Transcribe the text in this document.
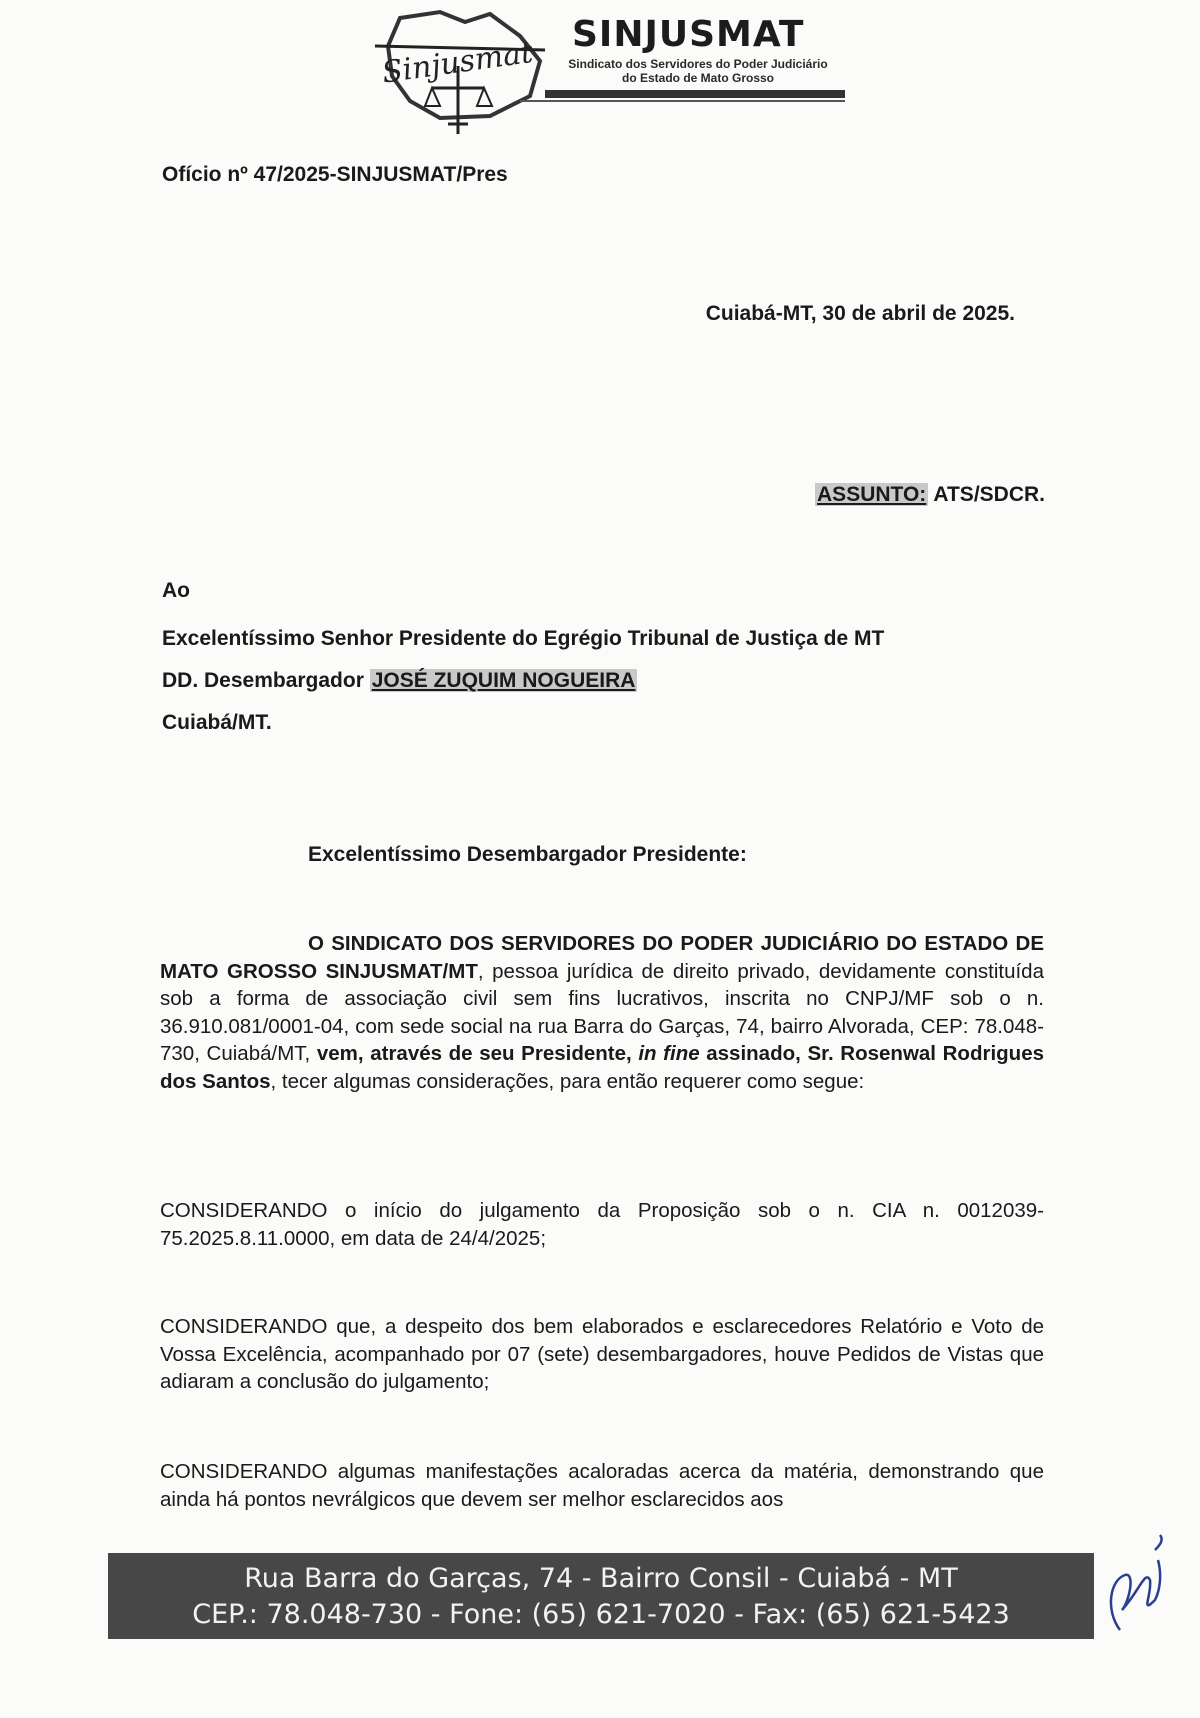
Sinjusmat
SINJUSMAT
Sindicato dos Servidores do Poder Judiciário
do Estado de Mato Grosso
Ofício nº 47/2025-SINJUSMAT/Pres
Cuiabá-MT, 30 de abril de 2025.
ASSUNTO: ATS/SDCR.
Ao
Excelentíssimo Senhor Presidente do Egrégio Tribunal de Justiça de MT
DD. Desembargador JOSÉ ZUQUIM NOGUEIRA
Cuiabá/MT.
Excelentíssimo Desembargador Presidente:
O SINDICATO DOS SERVIDORES DO PODER JUDICIÁRIO DO ESTADO DE MATO GROSSO SINJUSMAT/MT, pessoa jurídica de direito privado, devidamente constituída sob a forma de associação civil sem fins lucrativos, inscrita no CNPJ/MF sob o n. 36.910.081/0001-04, com sede social na rua Barra do Garças, 74, bairro Alvorada, CEP: 78.048-730, Cuiabá/MT, vem, através de seu Presidente, in fine assinado, Sr. Rosenwal Rodrigues dos Santos, tecer algumas considerações, para então requerer como segue:
CONSIDERANDO o início do julgamento da Proposição sob o n. CIA n. 0012039-75.2025.8.11.0000, em data de 24/4/2025;
CONSIDERANDO que, a despeito dos bem elaborados e esclarecedores Relatório e Voto de Vossa Excelência, acompanhado por 07 (sete) desembargadores, houve Pedidos de Vistas que adiaram a conclusão do julgamento;
CONSIDERANDO algumas manifestações acaloradas acerca da matéria, demonstrando que ainda há pontos nevrálgicos que devem ser melhor esclarecidos aos
Rua Barra do Garças, 74 - Bairro Consil - Cuiabá - MT
CEP.: 78.048-730 - Fone: (65) 621-7020 - Fax: (65) 621-5423
